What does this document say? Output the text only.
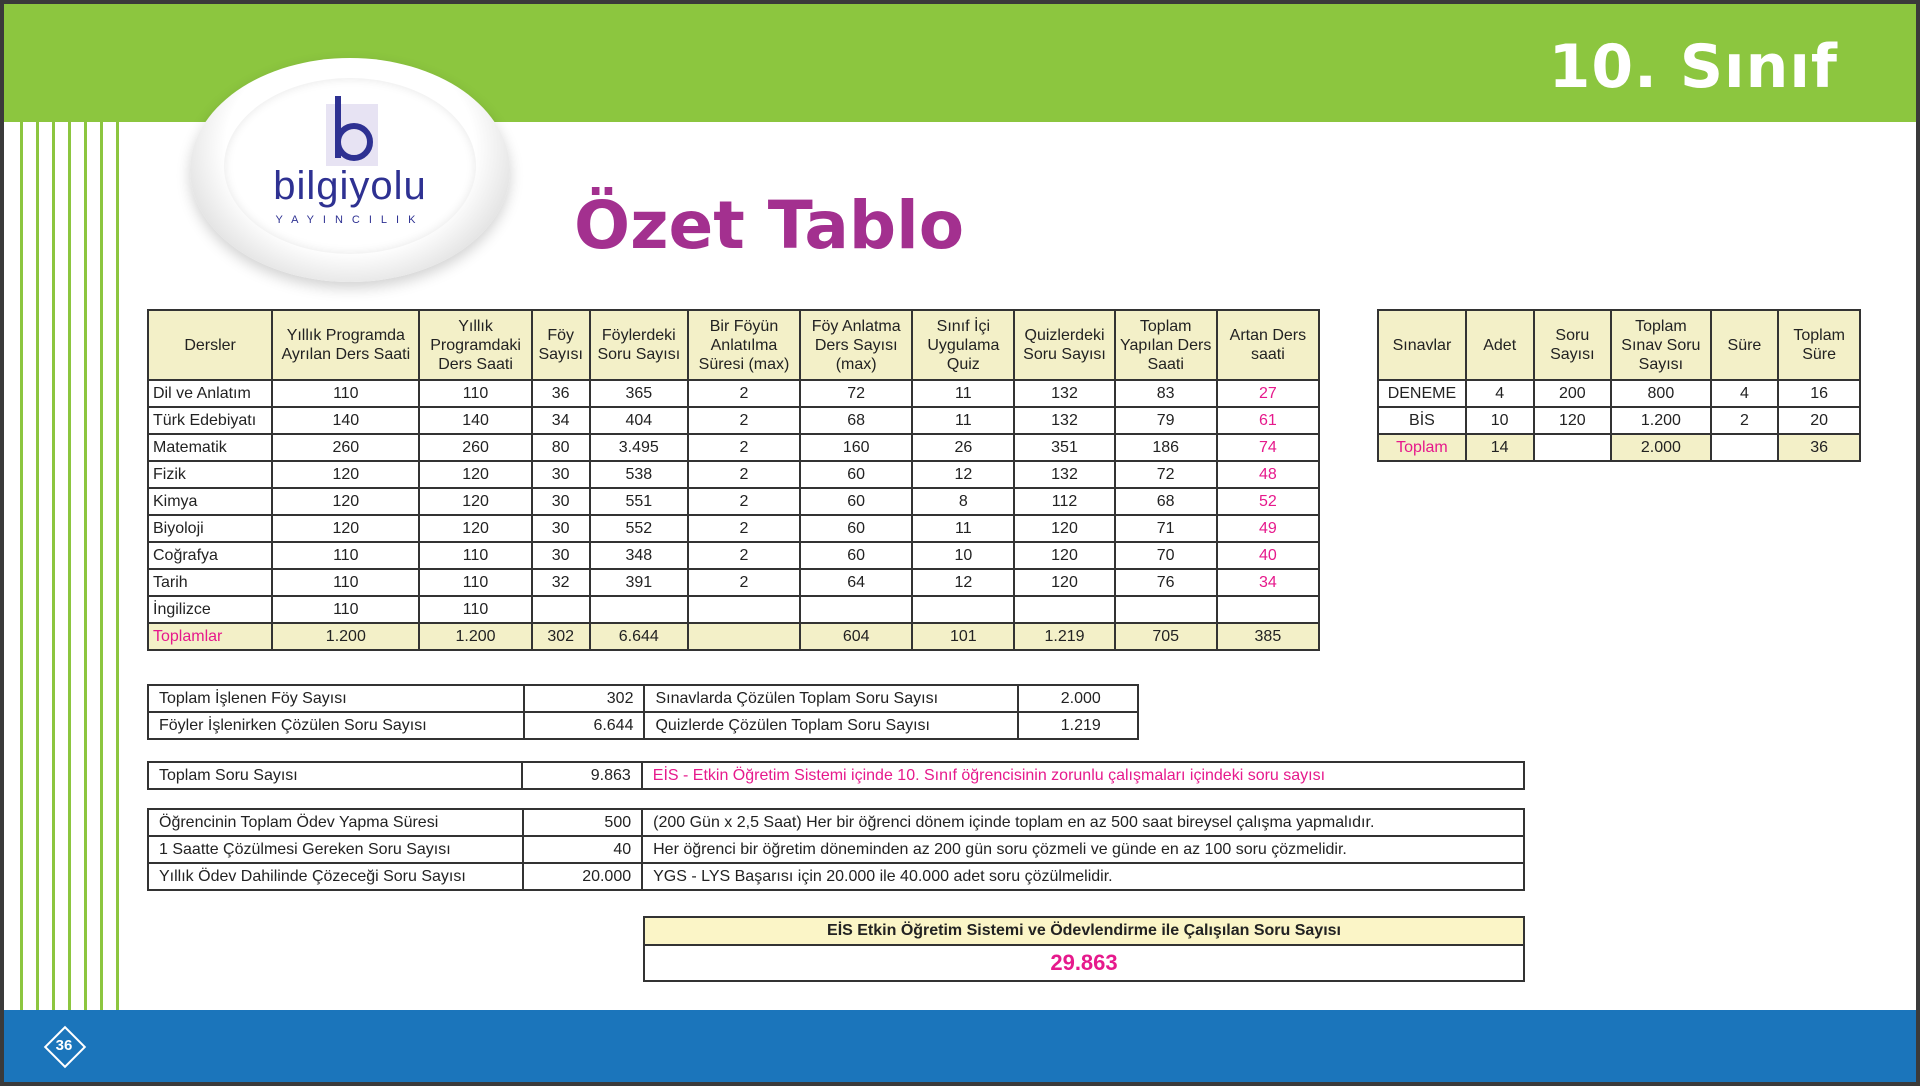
10. Sınıf
bilgiyolu
YAYINCILIK	Özet Tablo
Dersler	Yıllık Programda Ayrılan Ders Saati	Yıllık Programdaki Ders Saati	Föy Sayısı	Föylerdeki Soru Sayısı	Bir Föyün Anlatılma Süresi (max)	Föy Anlatma Ders Sayısı (max)	Sınıf İçi Uygulama Quiz	Quizlerdeki Soru Sayısı	Toplam Yapılan Ders Saati	Artan Ders saati
Dil ve Anlatım	110	110	36	365	2	72	11	132	83	27
Türk Edebiyatı	140	140	34	404	2	68	11	132	79	61
Matematik	260	260	80	3.495	2	160	26	351	186	74
Fizik	120	120	30	538	2	60	12	132	72	48
Kimya	120	120	30	551	2	60	8	112	68	52
Biyoloji	120	120	30	552	2	60	11	120	71	49
Coğrafya	110	110	30	348	2	60	10	120	70	40
Tarih	110	110	32	391	2	64	12	120	76	34
İngilizce	110	110								
Toplamlar	1.200	1.200	302	6.644		604	101	1.219	705	385
Sınavlar	Adet	Soru Sayısı	Toplam Sınav Soru Sayısı	Süre	Toplam Süre
DENEME	4	200	800	4	16
BİS	10	120	1.200	2	20
Toplam	14		2.000		36
Toplam İşlenen Föy Sayısı	302	Sınavlarda Çözülen Toplam Soru Sayısı	2.000
Föyler İşlenirken Çözülen Soru Sayısı	6.644	Quizlerde Çözülen Toplam Soru Sayısı	1.219
Toplam Soru Sayısı	9.863	EİS - Etkin Öğretim Sistemi içinde 10. Sınıf öğrencisinin zorunlu çalışmaları içindeki soru sayısı
Öğrencinin Toplam Ödev Yapma Süresi	500	(200 Gün x 2,5 Saat) Her bir öğrenci dönem içinde toplam en az 500 saat bireysel çalışma yapmalıdır.
1 Saatte Çözülmesi Gereken Soru Sayısı	40	Her öğrenci bir öğretim döneminden az 200 gün soru çözmeli ve günde en az 100 soru çözmelidir.
Yıllık Ödev Dahilinde Çözeceği Soru Sayısı	20.000	YGS - LYS Başarısı için 20.000 ile 40.000 adet soru çözülmelidir.
EİS Etkin Öğretim Sistemi ve Ödevlendirme ile Çalışılan Soru Sayısı
29.863
36
